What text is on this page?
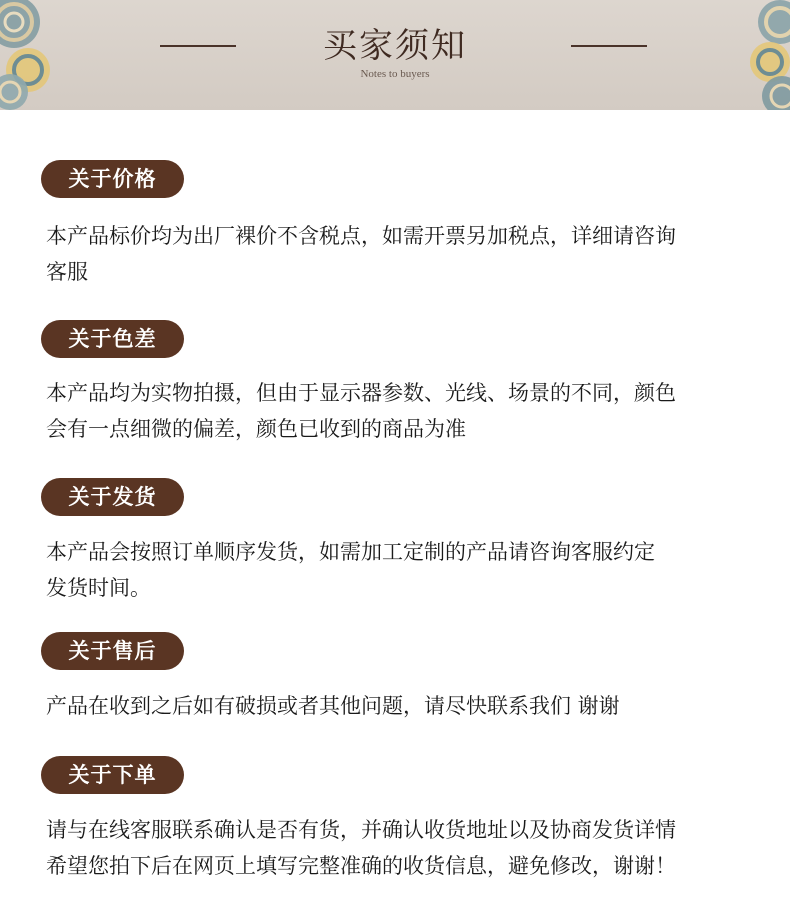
买家须知
Notes to buyers
关于价格
本产品标价均为出厂裸价不含税点，如需开票另加税点，详细请咨询
客服
关于色差
本产品均为实物拍摄，但由于显示器参数、光线、场景的不同，颜色
会有一点细微的偏差，颜色已收到的商品为准
关于发货
本产品会按照订单顺序发货，如需加工定制的产品请咨询客服约定
发货时间。
关于售后
产品在收到之后如有破损或者其他问题，请尽快联系我们 谢谢
关于下单
请与在线客服联系确认是否有货，并确认收货地址以及协商发货详情
希望您拍下后在网页上填写完整准确的收货信息，避免修改，谢谢！
